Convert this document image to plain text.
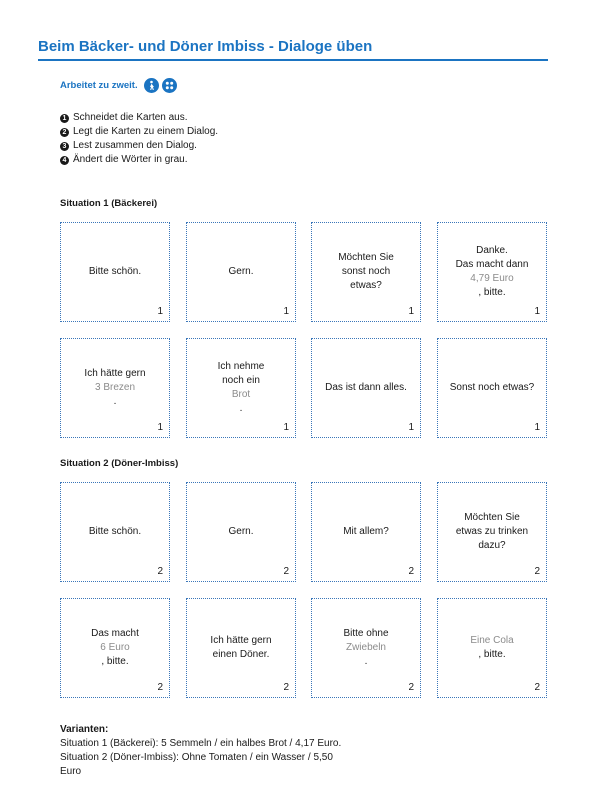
Beim Bäcker- und Döner Imbiss - Dialoge üben
Arbeitet zu zweit.
1 Schneidet die Karten aus.
2 Legt die Karten zu einem Dialog.
3 Lest zusammen den Dialog.
4 Ändert die Wörter in grau.
Situation 1 (Bäckerei)
Bitte schön.
1
Gern.
1
Möchten Sie
sonst noch
etwas?
1
Danke.
Das macht dann
4,79 Euro
, bitte.
1
Ich hätte gern
3 Brezen
.
1
Ich nehme
noch ein
Brot
.
1
Das ist dann alles.
1
Sonst noch etwas?
1
Situation 2 (Döner-Imbiss)
Bitte schön.
2
Gern.
2
Mit allem?
2
Möchten Sie
etwas zu trinken
dazu?
2
Das macht
6 Euro
, bitte.
2
Ich hätte gern
einen Döner.
2
Bitte ohne
Zwiebeln
.
2
Eine Cola
, bitte.
2
Varianten:
Situation 1 (Bäckerei): 5 Semmeln / ein halbes Brot / 4,17 Euro.
Situation 2 (Döner-Imbiss): Ohne Tomaten / ein Wasser / 5,50
Euro
